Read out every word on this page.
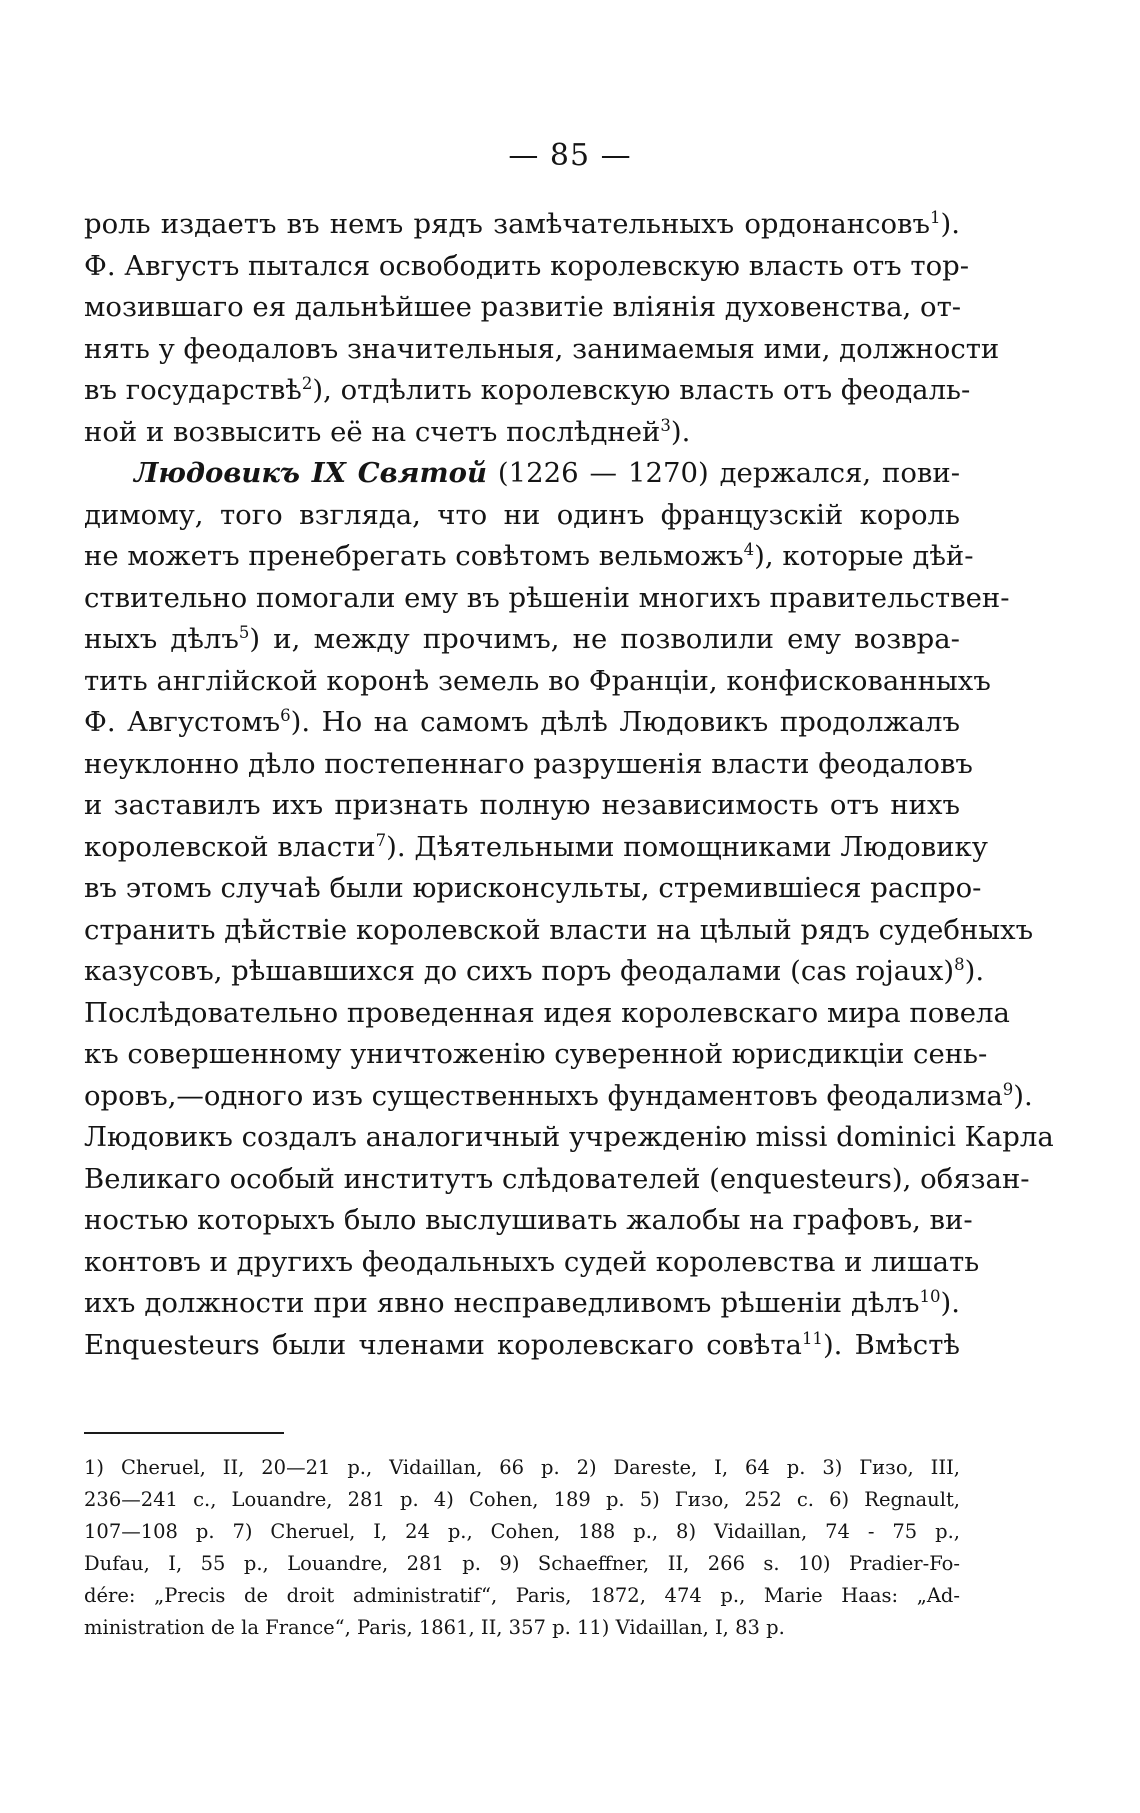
— 85 —
роль издаетъ въ немъ рядъ замѣчательныхъ ордонансовъ$^1$).
Ф. Августъ пытался освободить королевскую власть отъ тор-
мозившаго ея дальнѣйшее развитіе вліянія духовенства, от-
нять у феодаловъ значительныя, занимаемыя ими, должности
въ государствѣ$^2$), отдѣлить королевскую власть отъ феодаль-
ной и возвысить её на счетъ послѣдней$^3$).
Людовикъ IX Святой (1226 — 1270) держался, пови-
димому, того взгляда, что ни одинъ французскій король
не можетъ пренебрегать совѣтомъ вельможъ$^4$), которые дѣй-
ствительно помогали ему въ рѣшеніи многихъ правительствен-
ныхъ дѣлъ$^5$) и, между прочимъ, не позволили ему возвра-
тить англійской коронѣ земель во Франціи, конфискованныхъ
Ф. Августомъ$^6$). Но на самомъ дѣлѣ Людовикъ продолжалъ
неуклонно дѣло постепеннаго разрушенія власти феодаловъ
и заставилъ ихъ признать полную независимость отъ нихъ
королевской власти$^7$). Дѣятельными помощниками Людовику
въ этомъ случаѣ были юрисконсульты, стремившіеся распро-
странить дѣйствіе королевской власти на цѣлый рядъ судебныхъ
казусовъ, рѣшавшихся до сихъ поръ феодалами (cas rojaux)$^8$).
Послѣдовательно проведенная идея королевскаго мира повела
къ совершенному уничтоженію суверенной юрисдикціи сень-
оровъ,—одного изъ существенныхъ фундаментовъ феодализма$^9$).
Людовикъ создалъ аналогичный учрежденію missi dominici Карла
Великаго особый институтъ слѣдователей (enquesteurs), обязан-
ностью которыхъ было выслушивать жалобы на графовъ, ви-
контовъ и другихъ феодальныхъ судей королевства и лишать
ихъ должности при явно несправедливомъ рѣшеніи дѣлъ$^{10}$).
Enquesteurs были членами королевскаго совѣта$^{11}$). Вмѣстѣ
1) Cheruel, II, 20—21 p., Vidaillan, 66 p. 2) Dareste, I, 64 p. 3) Гизо, III,
236—241 c., Louandre, 281 p. 4) Cohen, 189 p. 5) Гизо, 252 c. 6) Regnault,
107—108 p. 7) Cheruel, I, 24 p., Cohen, 188 p., 8) Vidaillan, 74 - 75 p.,
Dufau, I, 55 p., Louandre, 281 p. 9) Schaeffner, II, 266 s. 10) Pradier-Fo-
dére: „Precis de droit administratif“, Paris, 1872, 474 p., Marie Haas: „Ad-
ministration de la France“, Paris, 1861, II, 357 p. 11) Vidaillan, I, 83 p.
